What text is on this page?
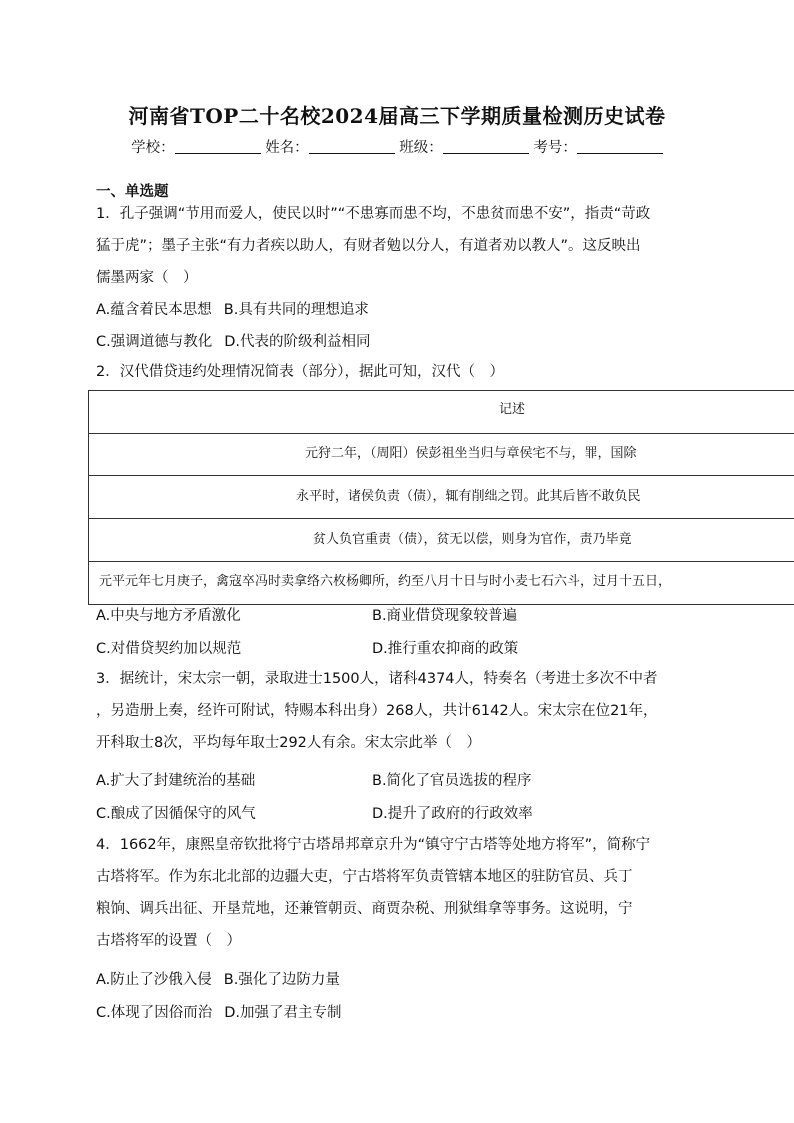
河南省TOP二十名校2024届高三下学期质量检测历史试卷
学校：	姓名：	班级：	考号：
一、单选题
1．孔子强调“节用而爱人，使民以时”“不患寡而患不均，不患贫而患不安”，指责“苛政
猛于虎”；墨子主张“有力者疾以助人，有财者勉以分人，有道者劝以教人”。这反映出
儒墨两家（　）
A.蕴含着民本思想 B.具有共同的理想追求
C.强调道德与教化 D.代表的阶级利益相同
2．汉代借贷违约处理情况简表（部分），据此可知，汉代（　）
记述
元狩二年，（周阳）侯彭祖坐当归与章侯宅不与，罪，国除
永平时，诸侯负责（债），辄有削绌之罚。此其后皆不敢负民
贫人负官重责（债），贫无以偿，则身为官作，责乃毕竟
元平元年七月庚子，禽寇卒冯时卖拿络六枚杨卿所，约至八月十日与时小麦七石六斗，过月十五日，
A.中央与地方矛盾激化	B.商业借贷现象较普遍
C.对借贷契约加以规范	D.推行重农抑商的政策
3．据统计，宋太宗一朝，录取进士1500人，诸科4374人，特奏名（考进士多次不中者
，另造册上奏，经许可附试，特赐本科出身）268人，共计6142人。宋太宗在位21年，
开科取士8次，平均每年取士292人有余。宋太宗此举（　）
A.扩大了封建统治的基础	B.简化了官员选拔的程序
C.酿成了因循保守的风气	D.提升了政府的行政效率
4．1662年，康熙皇帝钦批将宁古塔昂邦章京升为“镇守宁古塔等处地方将军”，简称宁
古塔将军。作为东北北部的边疆大吏，宁古塔将军负责管辖本地区的驻防官员、兵丁
粮饷、调兵出征、开垦荒地，还兼管朝贡、商贾杂税、刑狱缉拿等事务。这说明，宁
古塔将军的设置（　）
A.防止了沙俄入侵 B.强化了边防力量
C.体现了因俗而治 D.加强了君主专制
